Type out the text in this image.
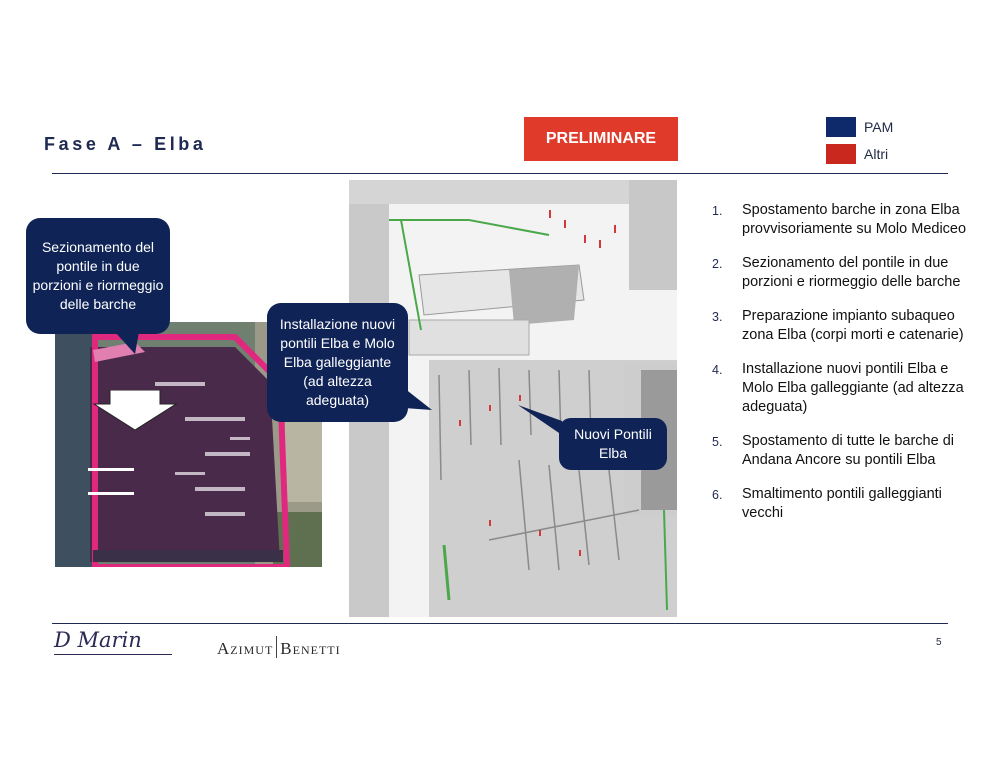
Fase A – Elba	PRELIMINARE
PAM
Altri
Sezionamento del pontile in due porzioni e riormeggio delle barche
Installazione nuovi pontili Elba e Molo Elba galleggiante (ad altezza adeguata)
Nuovi Pontili Elba
1. Spostamento barche in zona Elba provvisoriamente su Molo Mediceo
2. Sezionamento del pontile in due porzioni e riormeggio delle barche
3. Preparazione impianto subaqueo zona Elba (corpi morti e catenarie)
4. Installazione nuovi pontili Elba e Molo Elba galleggiante (ad altezza adeguata)
5. Spostamento di tutte le barche di Andana Ancore su pontili Elba
6. Smaltimento pontili galleggianti vecchi
D Marin	Azimut Benetti	5
